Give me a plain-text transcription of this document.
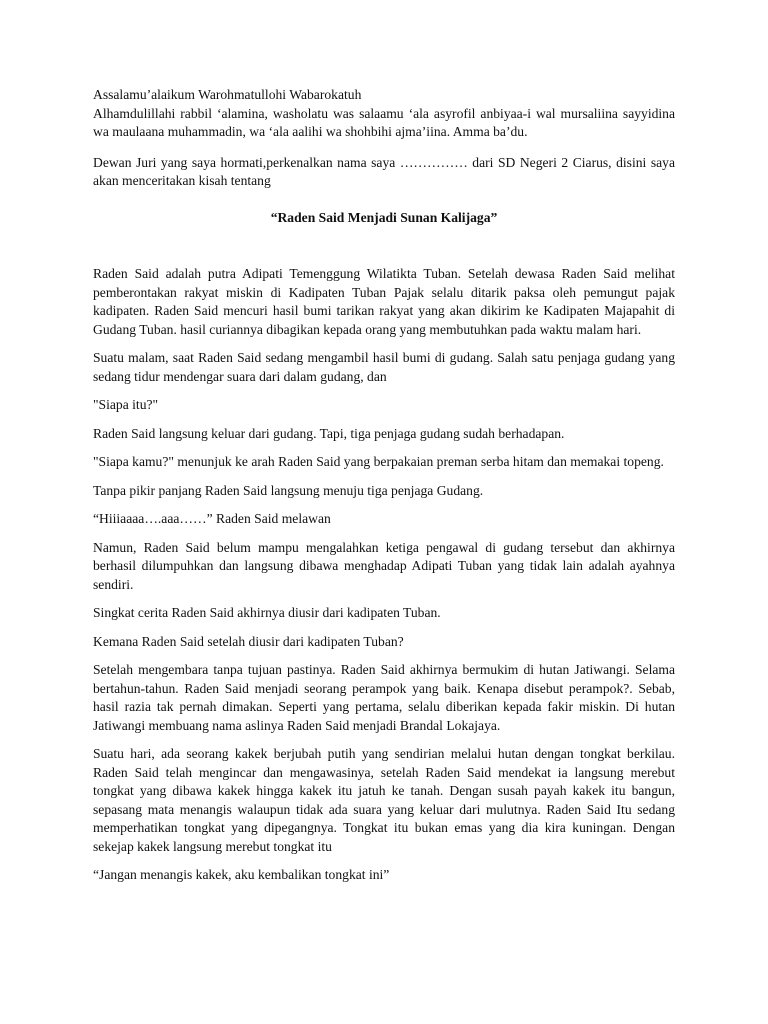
Assalamu’alaikum Warohmatullohi Wabarokatuh

Alhamdulillahi rabbil ‘alamina, washolatu was salaamu ‘ala asyrofil anbiyaa-i wal mursaliina sayyidina wa maulaana muhammadin, wa ‘ala aalihi wa shohbihi ajma’iina. Amma ba’du.

Dewan Juri yang saya hormati,perkenalkan nama saya …………… dari SD Negeri 2 Ciarus, disini saya akan menceritakan kisah tentang

“Raden Said Menjadi Sunan Kalijaga”

Raden Said adalah putra Adipati Temenggung Wilatikta Tuban. Setelah dewasa Raden Said melihat pemberontakan rakyat miskin di Kadipaten Tuban Pajak selalu ditarik paksa oleh pemungut pajak kadipaten. Raden Said mencuri hasil bumi tarikan rakyat yang akan dikirim ke Kadipaten Majapahit di Gudang Tuban. hasil curiannya dibagikan kepada orang yang membutuhkan pada waktu malam hari.

Suatu malam, saat Raden Said sedang mengambil hasil bumi di gudang. Salah satu penjaga gudang yang sedang tidur mendengar suara dari dalam gudang, dan

"Siapa itu?"

Raden Said langsung keluar dari gudang. Tapi, tiga penjaga gudang sudah berhadapan.

"Siapa kamu?" menunjuk ke arah Raden Said yang berpakaian preman serba hitam dan memakai topeng.

Tanpa pikir panjang Raden Said langsung menuju tiga penjaga Gudang.

“Hiiiaaaa….aaa……” Raden Said melawan

Namun, Raden Said belum mampu mengalahkan ketiga pengawal di gudang tersebut dan akhirnya berhasil dilumpuhkan dan langsung dibawa menghadap Adipati Tuban yang tidak lain adalah ayahnya sendiri.

Singkat cerita Raden Said akhirnya diusir dari kadipaten Tuban.

Kemana Raden Said setelah diusir dari kadipaten Tuban?

Setelah mengembara tanpa tujuan pastinya. Raden Said akhirnya bermukim di hutan Jatiwangi. Selama bertahun-tahun. Raden Said menjadi seorang perampok yang baik. Kenapa disebut perampok?. Sebab, hasil razia tak pernah dimakan. Seperti yang pertama, selalu diberikan kepada fakir miskin. Di hutan Jatiwangi membuang nama aslinya Raden Said menjadi Brandal Lokajaya.

Suatu hari, ada seorang kakek berjubah putih yang sendirian melalui hutan dengan tongkat berkilau. Raden Said telah mengincar dan mengawasinya, setelah Raden Said mendekat ia langsung merebut tongkat yang dibawa kakek hingga kakek itu jatuh ke tanah. Dengan susah payah kakek itu bangun, sepasang mata menangis walaupun tidak ada suara yang keluar dari mulutnya. Raden Said Itu sedang memperhatikan tongkat yang dipegangnya. Tongkat itu bukan emas yang dia kira kuningan. Dengan sekejap kakek langsung merebut tongkat itu

“Jangan menangis kakek, aku kembalikan tongkat ini”
